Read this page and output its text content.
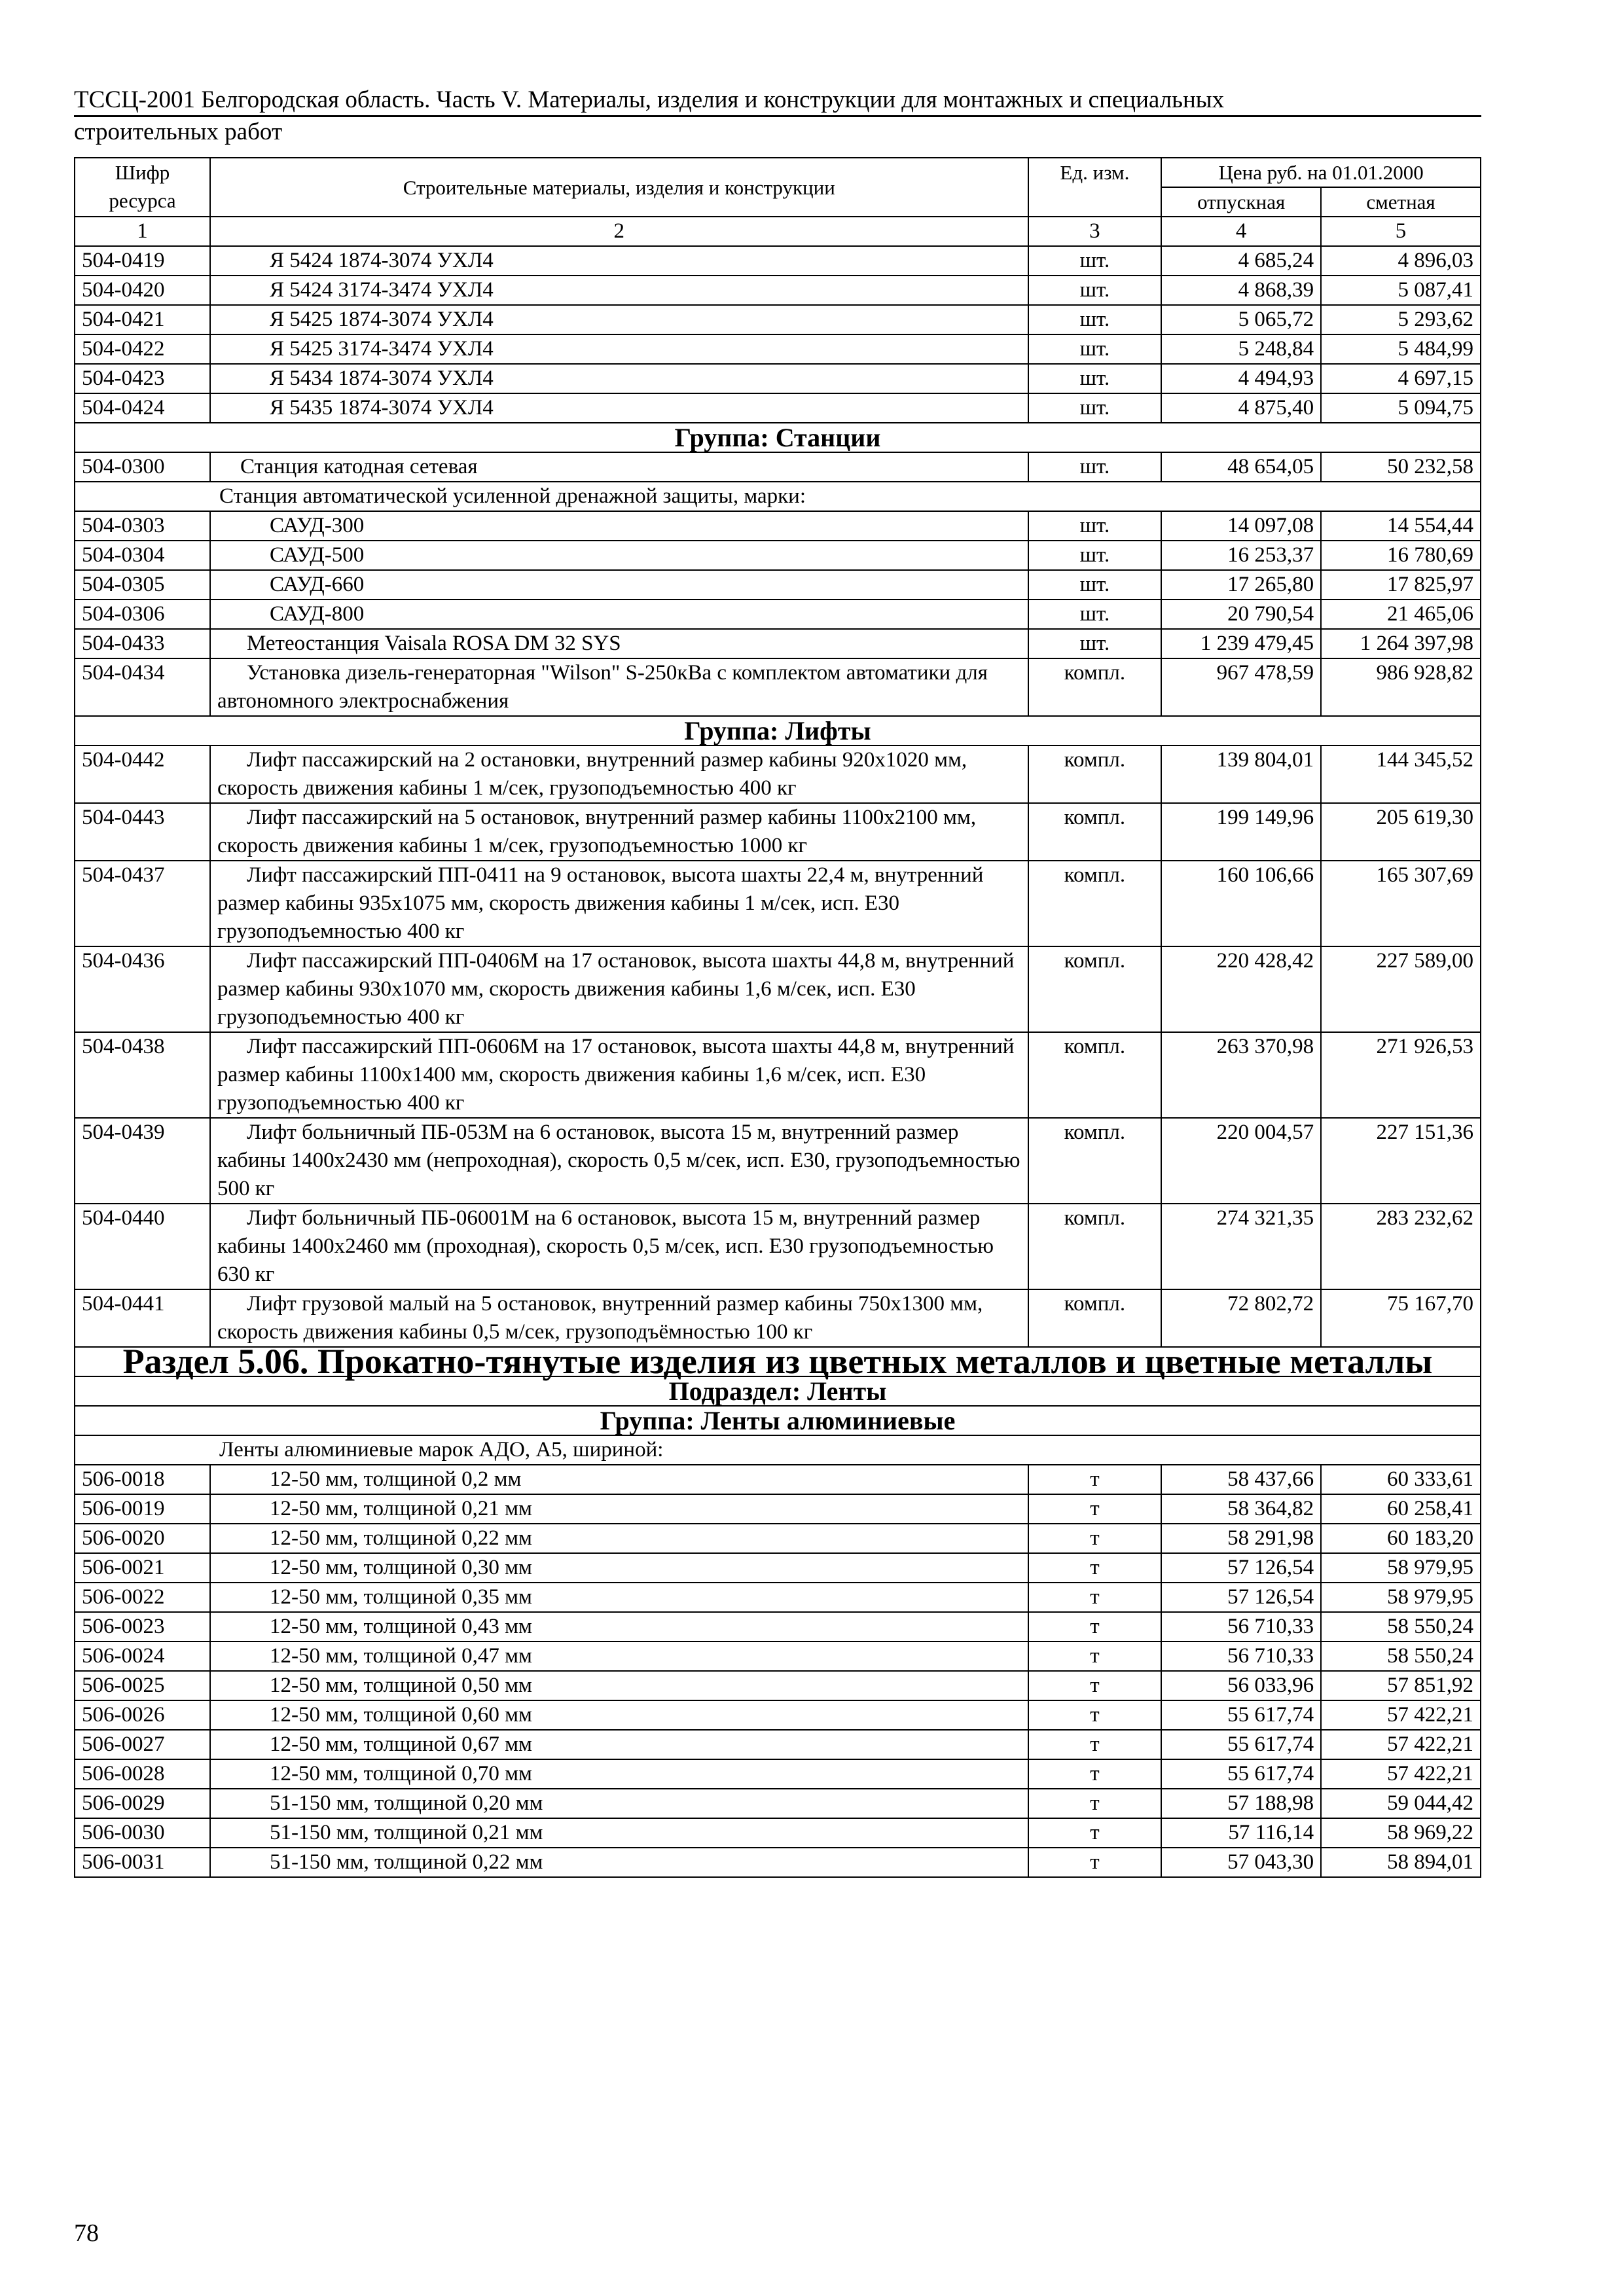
ТССЦ-2001 Белгородская область. Часть V. Материалы, изделия и конструкции для монтажных и специальных
строительных работ
Шифр ресурса	Строительные материалы, изделия и конструкции	Ед. изм.	Цена руб. на 01.01.2000	
			отпускная	сметная
1	2	3	4	5
504-0419	Я 5424 1874-3074 УХЛ4	шт.	4 685,24	4 896,03
504-0420	Я 5424 3174-3474 УХЛ4	шт.	4 868,39	5 087,41
504-0421	Я 5425 1874-3074 УХЛ4	шт.	5 065,72	5 293,62
504-0422	Я 5425 3174-3474 УХЛ4	шт.	5 248,84	5 484,99
504-0423	Я 5434 1874-3074 УХЛ4	шт.	4 494,93	4 697,15
504-0424	Я 5435 1874-3074 УХЛ4	шт.	4 875,40	5 094,75
Группа: Станции				
504-0300	Станция катодная сетевая	шт.	48 654,05	50 232,58
Станция автоматической усиленной дренажной защиты, марки:				
504-0303	САУД-300	шт.	14 097,08	14 554,44
504-0304	САУД-500	шт.	16 253,37	16 780,69
504-0305	САУД-660	шт.	17 265,80	17 825,97
504-0306	САУД-800	шт.	20 790,54	21 465,06
504-0433	Метеостанция Vaisala ROSA DM 32 SYS	шт.	1 239 479,45	1 264 397,98
504-0434	Установка дизель-генераторная "Wilson" S-250кВа с комплектом автоматики для автономного электроснабжения	компл.	967 478,59	986 928,82
Группа: Лифты				
504-0442	Лифт пассажирский на 2 остановки, внутренний размер кабины 920х1020 мм, скорость движения кабины 1 м/сек, грузоподъемностью 400 кг	компл.	139 804,01	144 345,52
504-0443	Лифт пассажирский на 5 остановок, внутренний размер кабины 1100х2100 мм, скорость движения кабины 1 м/сек, грузоподъемностью 1000 кг	компл.	199 149,96	205 619,30
504-0437	Лифт пассажирский ПП-0411 на 9 остановок, высота шахты 22,4 м, внутренний размер кабины 935х1075 мм, скорость движения кабины 1 м/сек, исп. Е30 грузоподъемностью 400 кг	компл.	160 106,66	165 307,69
504-0436	Лифт пассажирский ПП-0406М на 17 остановок, высота шахты 44,8 м, внутренний размер кабины 930х1070 мм, скорость движения кабины 1,6 м/сек, исп. Е30 грузоподъемностью 400 кг	компл.	220 428,42	227 589,00
504-0438	Лифт пассажирский ПП-0606М на 17 остановок, высота шахты 44,8 м, внутренний размер кабины 1100х1400 мм, скорость движения кабины 1,6 м/сек, исп. Е30 грузоподъемностью 400 кг	компл.	263 370,98	271 926,53
504-0439	Лифт больничный ПБ-053М на 6 остановок, высота 15 м, внутренний размер кабины 1400х2430 мм (непроходная), скорость 0,5 м/сек, исп. Е30, грузоподъемностью 500 кг	компл.	220 004,57	227 151,36
504-0440	Лифт больничный ПБ-06001М на 6 остановок, высота 15 м, внутренний размер кабины 1400х2460 мм (проходная), скорость 0,5 м/сек, исп. Е30 грузоподъемностью 630 кг	компл.	274 321,35	283 232,62
504-0441	Лифт грузовой малый на 5 остановок, внутренний размер кабины 750х1300 мм, скорость движения кабины 0,5 м/сек, грузоподъёмностью 100 кг	компл.	72 802,72	75 167,70
Раздел 5.06. Прокатно-тянутые изделия из цветных металлов и цветные металлы				
Подраздел: Ленты				
Группа: Ленты алюминиевые				
Ленты алюминиевые марок АДО, А5, шириной:				
506-0018	12-50 мм, толщиной 0,2 мм	т	58 437,66	60 333,61
506-0019	12-50 мм, толщиной 0,21 мм	т	58 364,82	60 258,41
506-0020	12-50 мм, толщиной 0,22 мм	т	58 291,98	60 183,20
506-0021	12-50 мм, толщиной 0,30 мм	т	57 126,54	58 979,95
506-0022	12-50 мм, толщиной 0,35 мм	т	57 126,54	58 979,95
506-0023	12-50 мм, толщиной 0,43 мм	т	56 710,33	58 550,24
506-0024	12-50 мм, толщиной 0,47 мм	т	56 710,33	58 550,24
506-0025	12-50 мм, толщиной 0,50 мм	т	56 033,96	57 851,92
506-0026	12-50 мм, толщиной 0,60 мм	т	55 617,74	57 422,21
506-0027	12-50 мм, толщиной 0,67 мм	т	55 617,74	57 422,21
506-0028	12-50 мм, толщиной 0,70 мм	т	55 617,74	57 422,21
506-0029	51-150 мм, толщиной 0,20 мм	т	57 188,98	59 044,42
506-0030	51-150 мм, толщиной 0,21 мм	т	57 116,14	58 969,22
506-0031	51-150 мм, толщиной 0,22 мм	т	57 043,30	58 894,01
78
